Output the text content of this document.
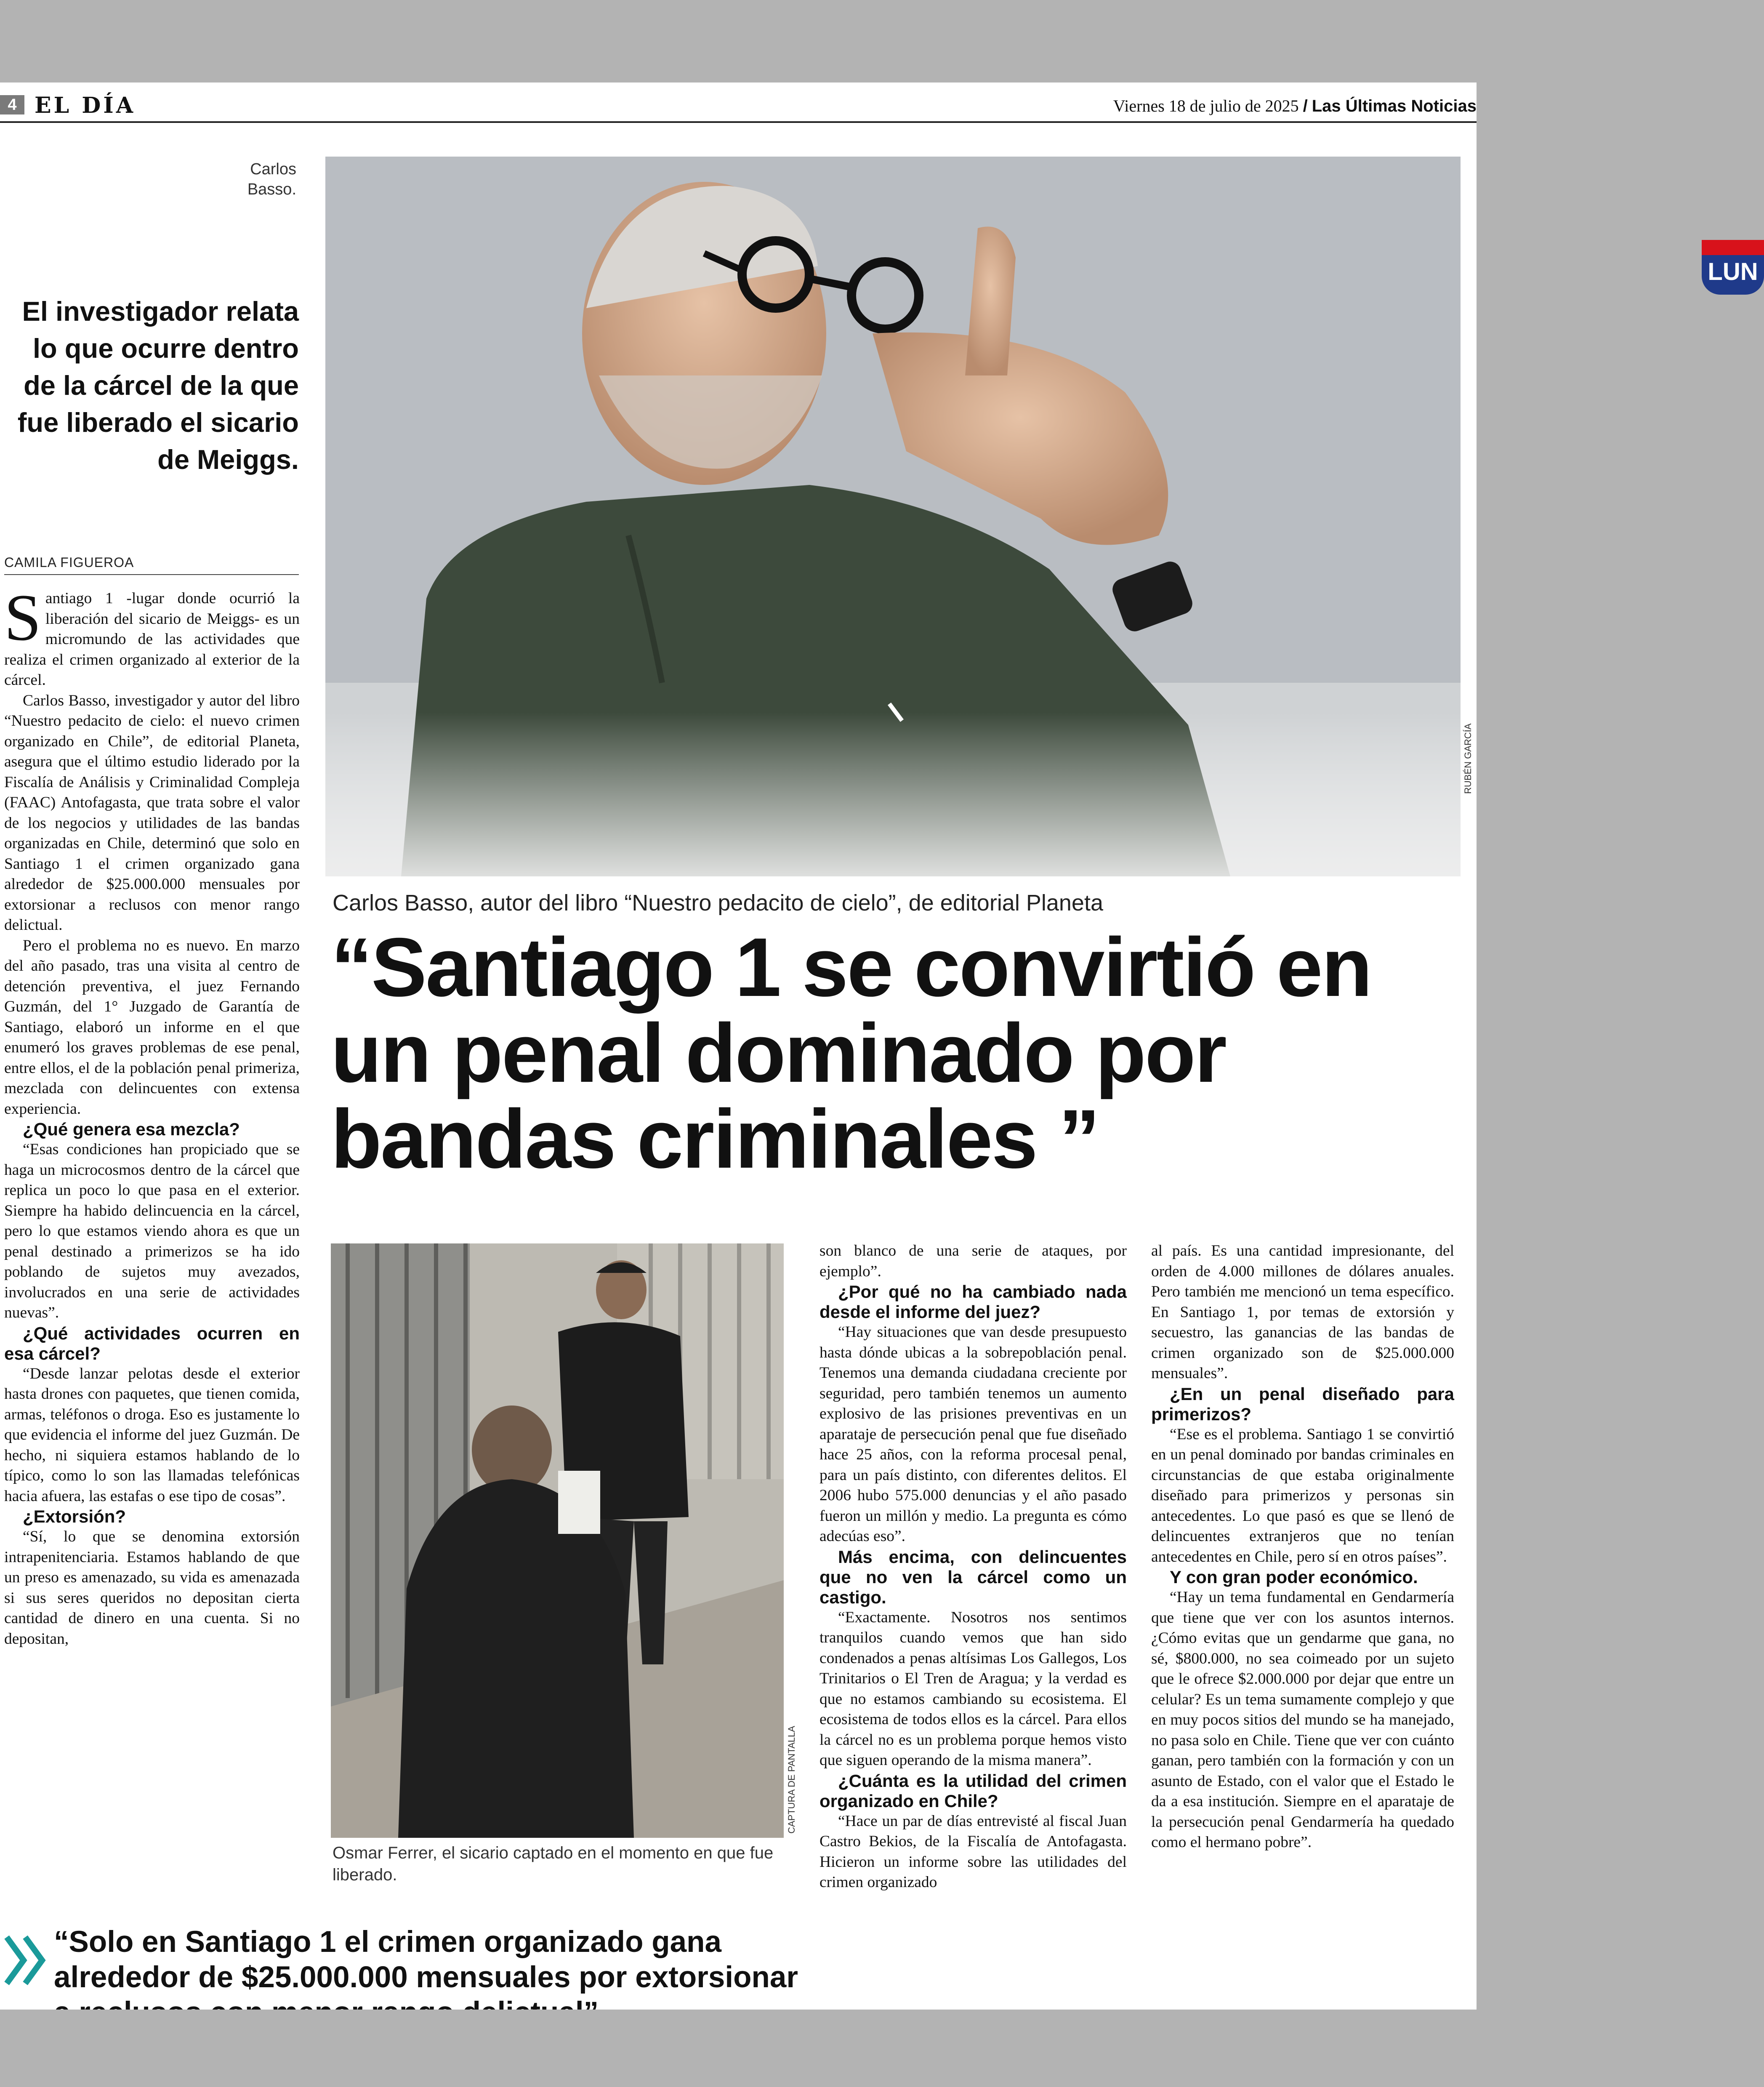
4 EL DÍA	Viernes 18 de julio de 2025 / Las Últimas Noticias
Carlos
Basso.
El investigador relata lo que ocurre dentro de la cárcel de la que fue liberado el sicario de Meiggs.
CAMILA FIGUEROA

Santiago 1 -lugar donde ocurrió la liberación del sicario de Meiggs- es un micromundo de las actividades que realiza el crimen organizado al exterior de la cárcel.

Carlos Basso, investigador y autor del libro “Nuestro pedacito de cielo: el nuevo crimen organizado en Chile”, de editorial Planeta, asegura que el último estudio liderado por la Fiscalía de Análisis y Criminalidad Compleja (FAAC) Antofagasta, que trata sobre el valor de los negocios y utilidades de las bandas organizadas en Chile, determinó que solo en Santiago 1 el crimen organizado gana alrededor de $25.000.000 mensuales por extorsionar a reclusos con menor rango delictual.

Pero el problema no es nuevo. En marzo del año pasado, tras una visita al centro de detención preventiva, el juez Fernando Guzmán, del 1° Juzgado de Garantía de Santiago, elaboró un informe en el que enumeró los graves problemas de ese penal, entre ellos, el de la población penal primeriza, mezclada con delincuentes con extensa experiencia.

¿Qué genera esa mezcla?

“Esas condiciones han propiciado que se haga un microcosmos dentro de la cárcel que replica un poco lo que pasa en el exterior. Siempre ha habido delincuencia en la cárcel, pero lo que estamos viendo ahora es que un penal destinado a primerizos se ha ido poblando de sujetos muy avezados, involucrados en una serie de actividades nuevas”.

¿Qué actividades ocurren en esa cárcel?

“Desde lanzar pelotas desde el exterior hasta drones con paquetes, que tienen comida, armas, teléfonos o droga. Eso es justamente lo que evidencia el informe del juez Guzmán. De hecho, ni siquiera estamos hablando de lo típico, como lo son las llamadas telefónicas hacia afuera, las estafas o ese tipo de cosas”.

¿Extorsión?

“Sí, lo que se denomina extorsión intrapenitenciaria. Estamos hablando de que un preso es amenazado, su vida es amenazada si sus seres queridos no depositan cierta cantidad de dinero en una cuenta. Si no depositan,

LUN
RUBÉN GARCÍA
Carlos Basso, autor del libro “Nuestro pedacito de cielo”, de editorial Planeta
“Santiago 1 se convirtió en un penal dominado por bandas criminales ”
CAPTURA DE PANTALLA
Osmar Ferrer, el sicario captado en el momento en que fue liberado.

son blanco de una serie de ataques, por ejemplo”.

¿Por qué no ha cambiado nada desde el informe del juez?

“Hay situaciones que van desde presupuesto hasta dónde ubicas a la sobrepoblación penal. Tenemos una demanda ciudadana creciente por seguridad, pero también tenemos un aumento explosivo de las prisiones preventivas en un aparataje de persecución penal que fue diseñado hace 25 años, con la reforma procesal penal, para un país distinto, con diferentes delitos. El 2006 hubo 575.000 denuncias y el año pasado fueron un millón y medio. La pregunta es cómo adecúas eso”.

Más encima, con delincuentes que no ven la cárcel como un castigo.

“Exactamente. Nosotros nos sentimos tranquilos cuando vemos que han sido condenados a penas altísimas Los Gallegos, Los Trinitarios o El Tren de Aragua; y la verdad es que no estamos cambiando su ecosistema. El ecosistema de todos ellos es la cárcel. Para ellos la cárcel no es un problema porque hemos visto que siguen operando de la misma manera”.

¿Cuánta es la utilidad del crimen organizado en Chile?

“Hace un par de días entrevisté al fiscal Juan Castro Bekios, de la Fiscalía de Antofagasta. Hicieron un informe sobre las utilidades del crimen organizado

al país. Es una cantidad impresionante, del orden de 4.000 millones de dólares anuales. Pero también me mencionó un tema específico. En Santiago 1, por temas de extorsión y secuestro, las ganancias de las bandas de crimen organizado son de $25.000.000 mensuales”.

¿En un penal diseñado para primerizos?

“Ese es el problema. Santiago 1 se convirtió en un penal dominado por bandas criminales en circunstancias de que estaba originalmente diseñado para primerizos y personas sin antecedentes. Lo que pasó es que se llenó de delincuentes extranjeros que no tenían antecedentes en Chile, pero sí en otros países”.

Y con gran poder económico.

“Hay un tema fundamental en Gendarmería que tiene que ver con los asuntos internos. ¿Cómo evitas que un gendarme que gana, no sé, $800.000, no sea coimeado por un sujeto que le ofrece $2.000.000 por dejar que entre un celular? Es un tema sumamente complejo y que en muy pocos sitios del mundo se ha manejado, no pasa solo en Chile. Tiene que ver con cuánto ganan, pero también con la formación y con un asunto de Estado, con el valor que el Estado le da a esa institución. Siempre en el aparataje de la persecución penal Gendarmería ha quedado como el hermano pobre”.

“Solo en Santiago 1 el crimen organizado gana alrededor de $25.000.000 mensuales por extorsionar
